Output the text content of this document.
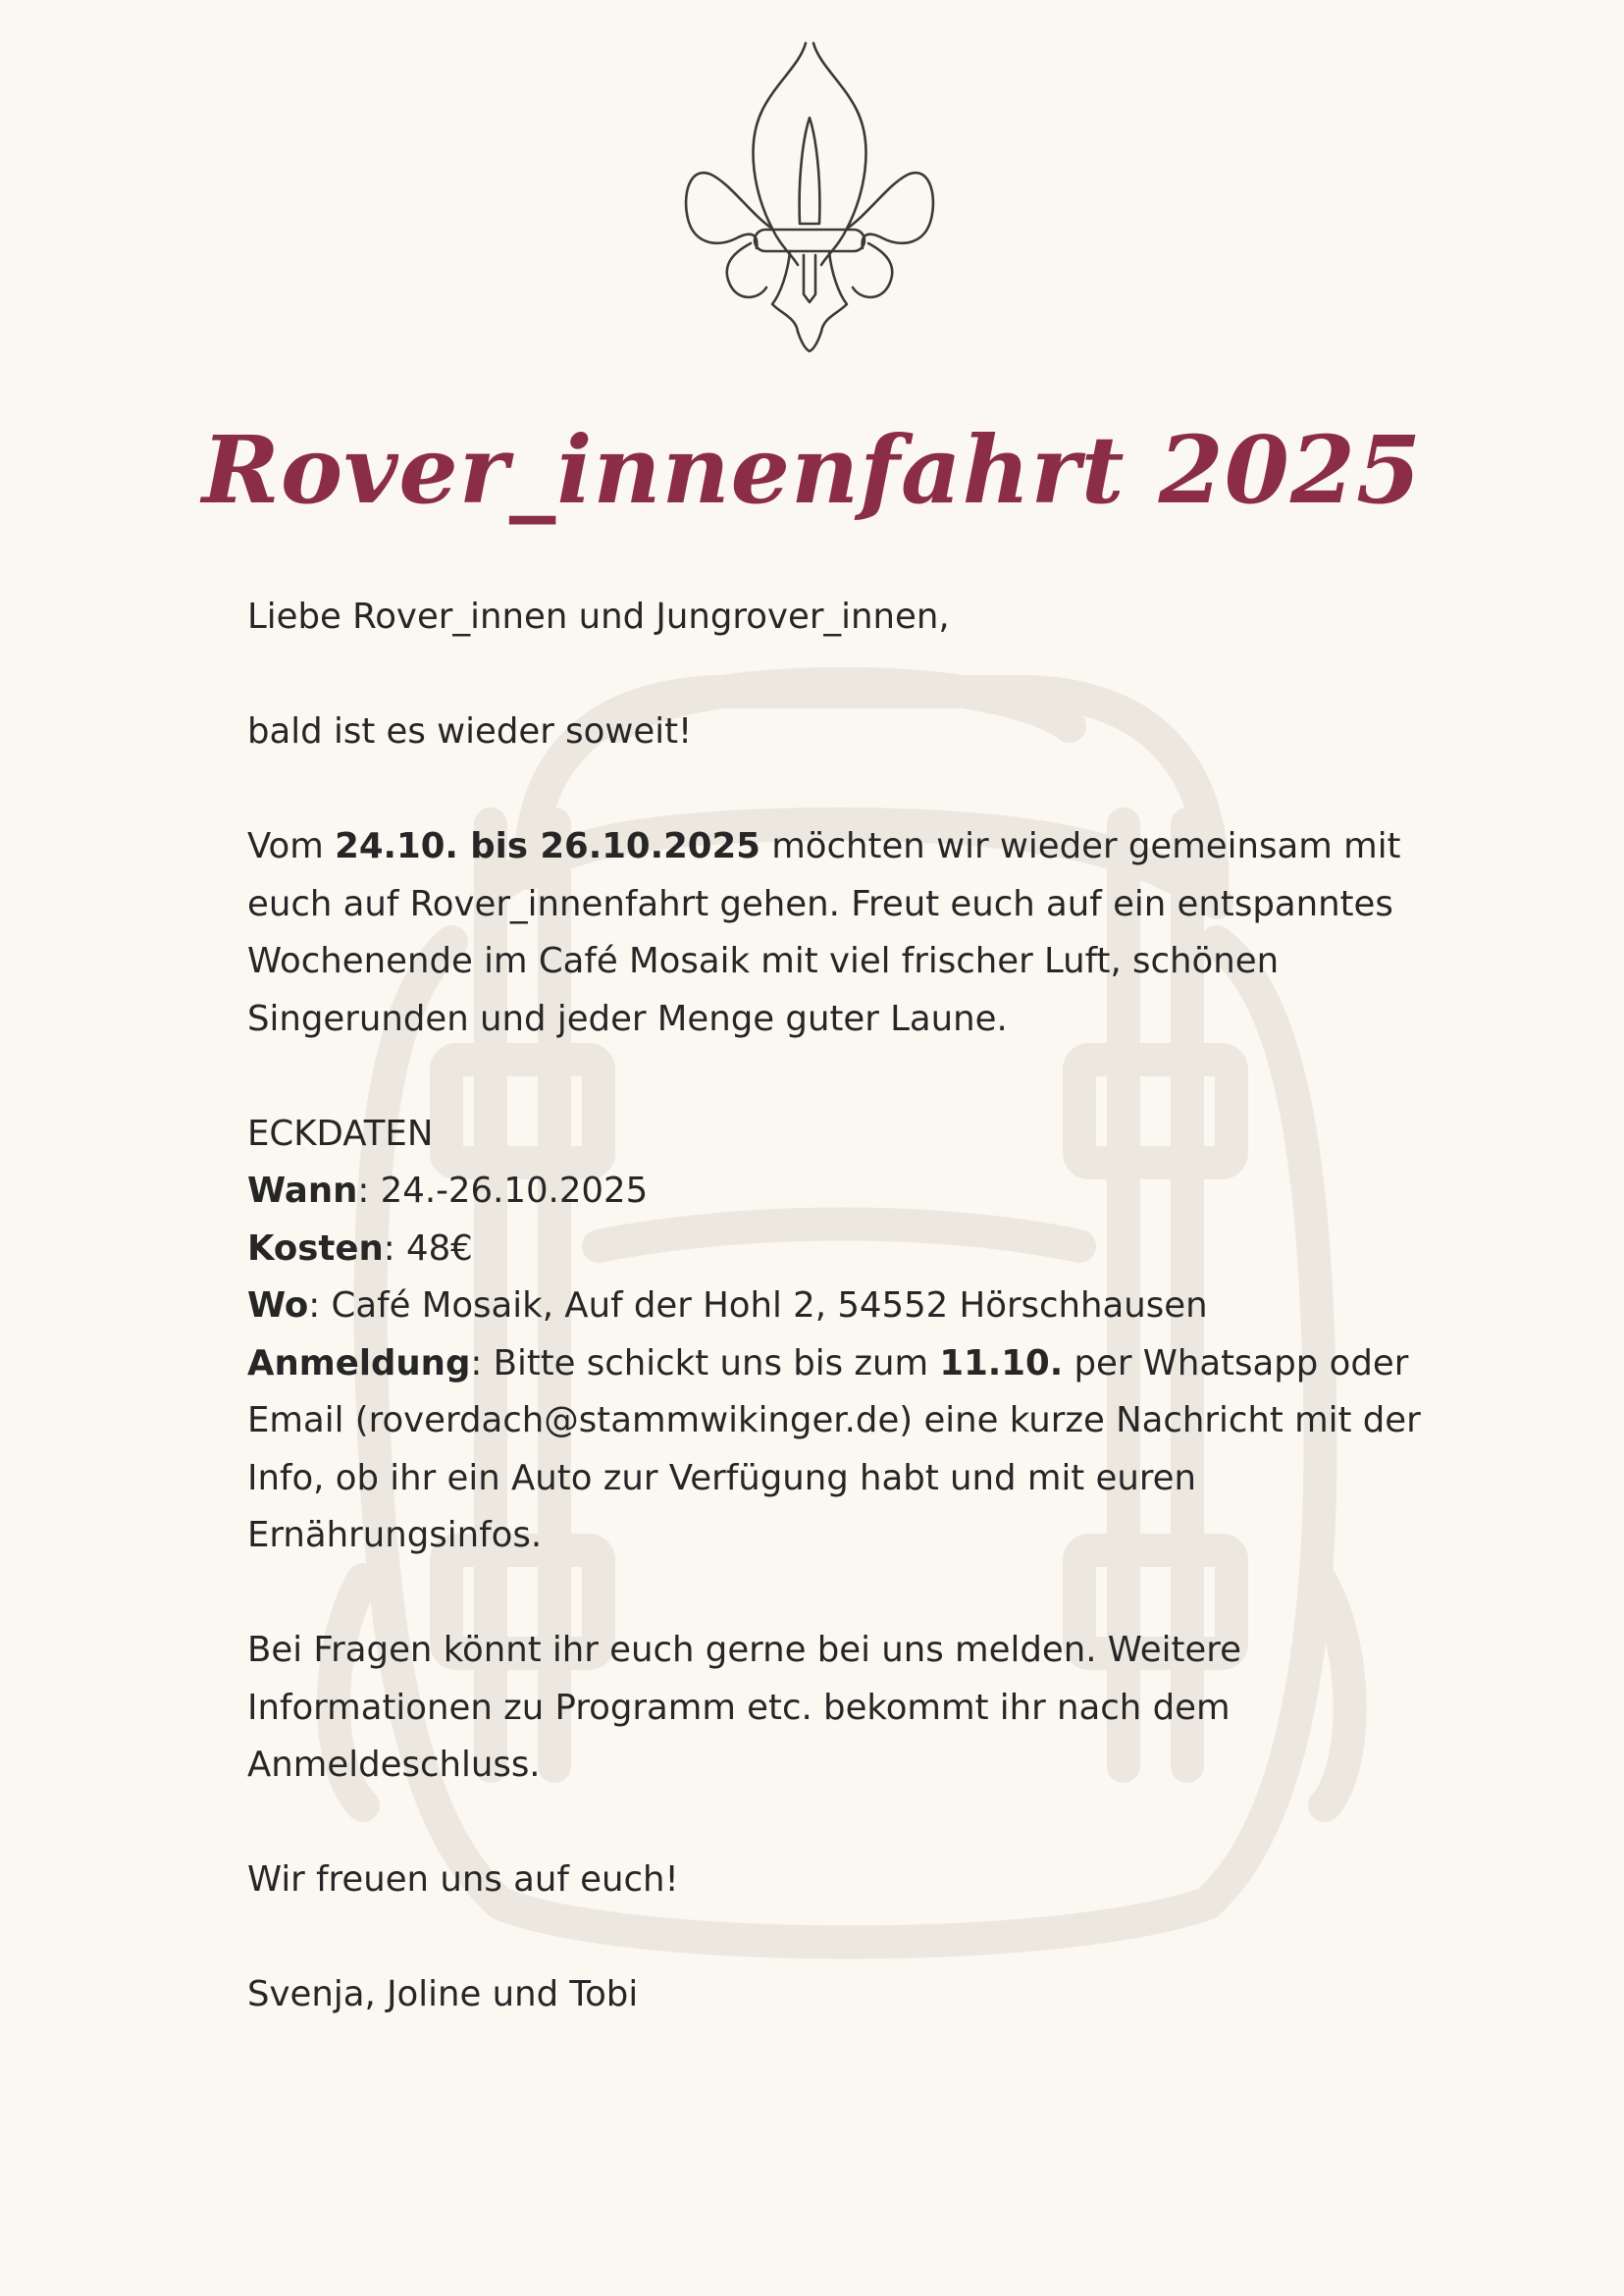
Rover_innenfahrt 2025

Liebe Rover_innen und Jungrover_innen,

bald ist es wieder soweit!

Vom 24.10. bis 26.10.2025 möchten wir wieder gemeinsam mit euch auf Rover_innenfahrt gehen. Freut euch auf ein entspanntes Wochenende im Café Mosaik mit viel frischer Luft, schönen Singerunden und jeder Menge guter Laune.

ECKDATEN

Wann: 24.-26.10.2025

Kosten: 48€

Wo: Café Mosaik, Auf der Hohl 2, 54552 Hörschhausen

Anmeldung: Bitte schickt uns bis zum 11.10. per Whatsapp oder Email (roverdach@stammwikinger.de) eine kurze Nachricht mit der Info, ob ihr ein Auto zur Verfügung habt und mit euren Ernährungsinfos.

Bei Fragen könnt ihr euch gerne bei uns melden. Weitere Informationen zu Programm etc. bekommt ihr nach dem Anmeldeschluss.

Wir freuen uns auf euch!

Svenja, Joline und Tobi
